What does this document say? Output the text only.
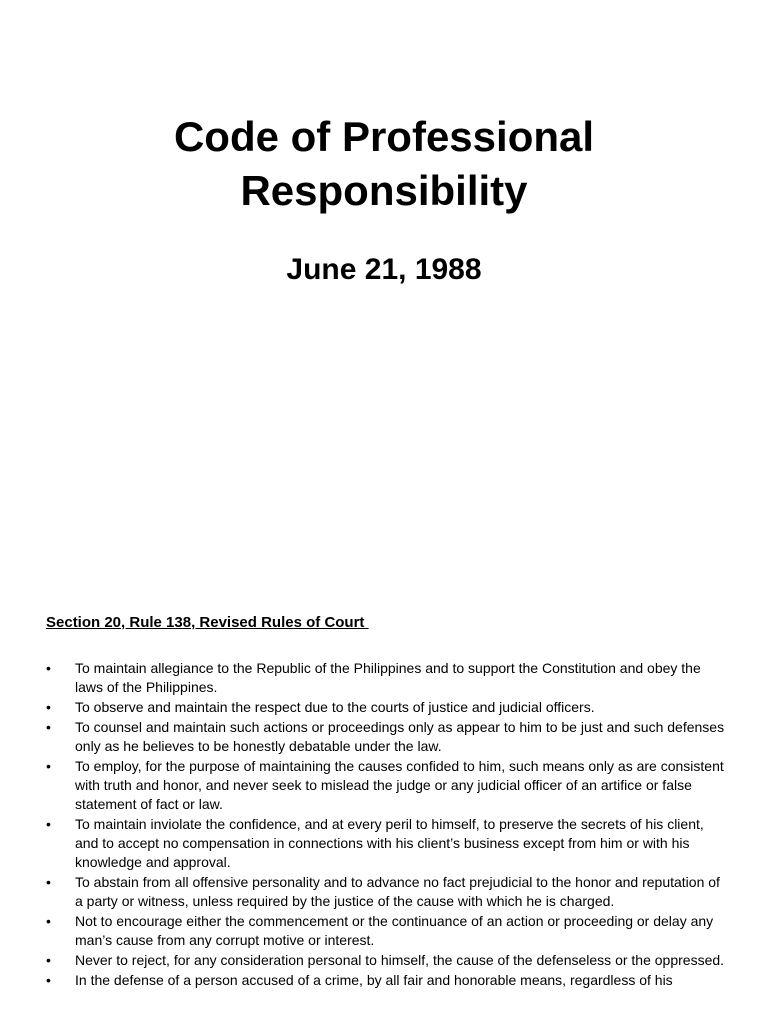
Code of Professional
Responsibility
June 21, 1988
Section 20, Rule 138, Revised Rules of Court
• To maintain allegiance to the Republic of the Philippines and to support the Constitution and obey the laws of the Philippines.
• To observe and maintain the respect due to the courts of justice and judicial officers.
• To counsel and maintain such actions or proceedings only as appear to him to be just and such defenses only as he believes to be honestly debatable under the law.
• To employ, for the purpose of maintaining the causes confided to him, such means only as are consistent with truth and honor, and never seek to mislead the judge or any judicial officer of an artifice or false statement of fact or law.
• To maintain inviolate the confidence, and at every peril to himself, to preserve the secrets of his client, and to accept no compensation in connections with his client’s business except from him or with his knowledge and approval.
• To abstain from all offensive personality and to advance no fact prejudicial to the honor and reputation of a party or witness, unless required by the justice of the cause with which he is charged.
• Not to encourage either the commencement or the continuance of an action or proceeding or delay any man’s cause from any corrupt motive or interest.
• Never to reject, for any consideration personal to himself, the cause of the defenseless or the oppressed.
• In the defense of a person accused of a crime, by all fair and honorable means, regardless of his
